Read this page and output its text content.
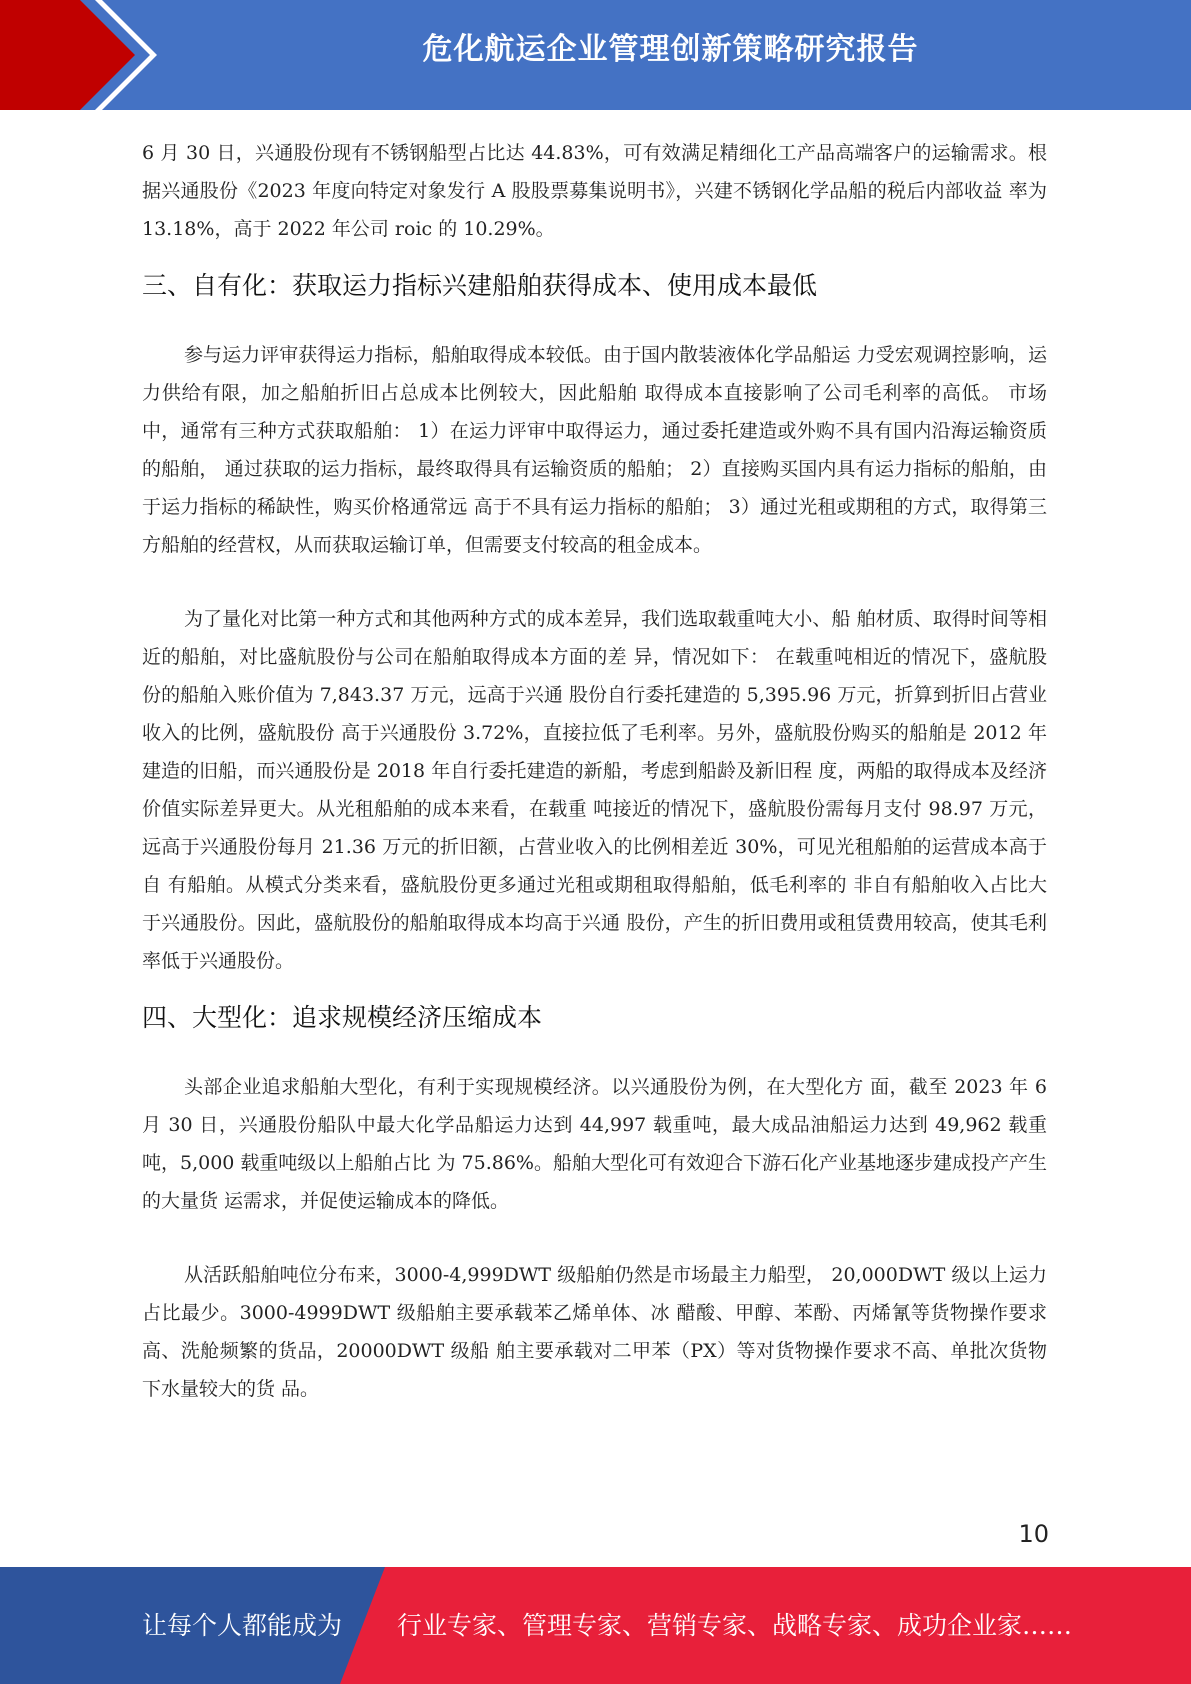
危化航运企业管理创新策略研究报告

6 月 30 日，兴通股份现有不锈钢船型占比达 44.83%，可有效满足精细化工产品高端客户的运输需求。根据兴通股份《2023 年度向特定对象发行 A 股股票募集说明书》，兴建不锈钢化学品船的税后内部收益 率为 13.18%，高于 2022 年公司 roic 的 10.29%。

三、自有化：获取运力指标兴建船舶获得成本、使用成本最低

参与运力评审获得运力指标，船舶取得成本较低。由于国内散装液体化学品船运 力受宏观调控影响，运力供给有限，加之船舶折旧占总成本比例较大，因此船舶 取得成本直接影响了公司毛利率的高低。 市场中，通常有三种方式获取船舶： 1）在运力评审中取得运力，通过委托建造或外购不具有国内沿海运输资质的船舶， 通过获取的运力指标，最终取得具有运输资质的船舶； 2）直接购买国内具有运力指标的船舶，由于运力指标的稀缺性，购买价格通常远 高于不具有运力指标的船舶； 3）通过光租或期租的方式，取得第三方船舶的经营权，从而获取运输订单，但需要支付较高的租金成本。

为了量化对比第一种方式和其他两种方式的成本差异，我们选取载重吨大小、船 舶材质、取得时间等相近的船舶，对比盛航股份与公司在船舶取得成本方面的差 异，情况如下： 在载重吨相近的情况下，盛航股份的船舶入账价值为 7,843.37 万元，远高于兴通 股份自行委托建造的 5,395.96 万元，折算到折旧占营业收入的比例，盛航股份 高于兴通股份 3.72%，直接拉低了毛利率。另外，盛航股份购买的船舶是 2012 年 建造的旧船，而兴通股份是 2018 年自行委托建造的新船，考虑到船龄及新旧程 度，两船的取得成本及经济价值实际差异更大。从光租船舶的成本来看，在载重 吨接近的情况下，盛航股份需每月支付 98.97 万元，远高于兴通股份每月 21.36 万元的折旧额，占营业收入的比例相差近 30%，可见光租船舶的运营成本高于自 有船舶。从模式分类来看，盛航股份更多通过光租或期租取得船舶，低毛利率的 非自有船舶收入占比大于兴通股份。因此，盛航股份的船舶取得成本均高于兴通 股份，产生的折旧费用或租赁费用较高，使其毛利率低于兴通股份。

四、大型化：追求规模经济压缩成本

头部企业追求船舶大型化，有利于实现规模经济。以兴通股份为例，在大型化方 面，截至 2023 年 6 月 30 日，兴通股份船队中最大化学品船运力达到 44,997 载重吨，最大成品油船运力达到 49,962 载重吨，5,000 载重吨级以上船舶占比 为 75.86%。船舶大型化可有效迎合下游石化产业基地逐步建成投产产生的大量货 运需求，并促使运输成本的降低。

从活跃船舶吨位分布来，3000-4,999DWT 级船舶仍然是市场最主力船型， 20,000DWT 级以上运力占比最少。3000-4999DWT 级船舶主要承载苯乙烯单体、冰 醋酸、甲醇、苯酚、丙烯氰等货物操作要求高、洗舱频繁的货品，20000DWT 级船 舶主要承载对二甲苯（PX）等对货物操作要求不高、单批次货物下水量较大的货 品。

10
让每个人都能成为 行业专家、管理专家、营销专家、战略专家、成功企业家……
